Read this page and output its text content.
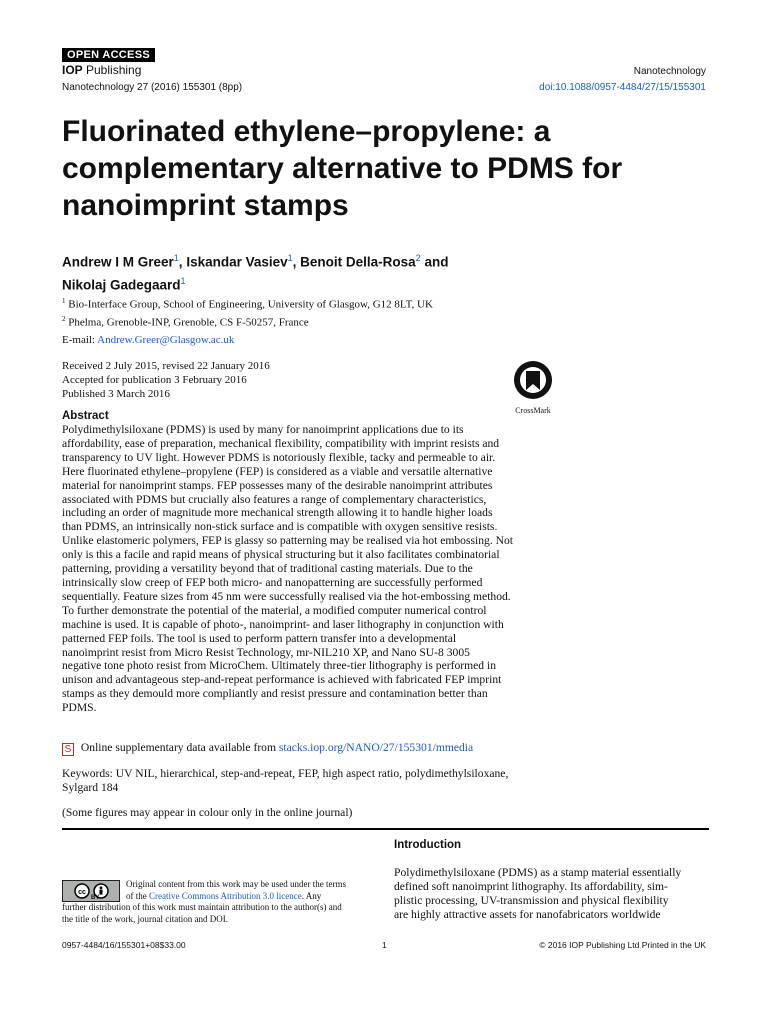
OPEN ACCESS
IOP Publishing	Nanotechnology
Nanotechnology 27 (2016) 155301 (8pp)	doi:10.1088/0957-4484/27/15/155301
Fluorinated ethylene–propylene: a complementary alternative to PDMS for nanoimprint stamps
Andrew I M Greer$^1$, Iskandar Vasiev$^1$, Benoit Della-Rosa$^2$ and
Nikolaj Gadegaard$^1$
$^1$ Bio-Interface Group, School of Engineering, University of Glasgow, G12 8LT, UK
$^2$ Phelma, Grenoble-INP, Grenoble, CS F-50257, France
E-mail: Andrew.Greer@Glasgow.ac.uk
Received 2 July 2015, revised 22 January 2016
Accepted for publication 3 February 2016
Published 3 March 2016
CrossMark
Abstract
Polydimethylsiloxane (PDMS) is used by many for nanoimprint applications due to its
affordability, ease of preparation, mechanical flexibility, compatibility with imprint resists and
transparency to UV light. However PDMS is notoriously flexible, tacky and permeable to air.
Here fluorinated ethylene–propylene (FEP) is considered as a viable and versatile alternative
material for nanoimprint stamps. FEP possesses many of the desirable nanoimprint attributes
associated with PDMS but crucially also features a range of complementary characteristics,
including an order of magnitude more mechanical strength allowing it to handle higher loads
than PDMS, an intrinsically non-stick surface and is compatible with oxygen sensitive resists.
Unlike elastomeric polymers, FEP is glassy so patterning may be realised via hot embossing. Not
only is this a facile and rapid means of physical structuring but it also facilitates combinatorial
patterning, providing a versatility beyond that of traditional casting materials. Due to the
intrinsically slow creep of FEP both micro- and nanopatterning are successfully performed
sequentially. Feature sizes from 45 nm were successfully realised via the hot-embossing method.
To further demonstrate the potential of the material, a modified computer numerical control
machine is used. It is capable of photo-, nanoimprint- and laser lithography in conjunction with
patterned FEP foils. The tool is used to perform pattern transfer into a developmental
nanoimprint resist from Micro Resist Technology, mr-NIL210 XP, and Nano SU-8 3005
negative tone photo resist from MicroChem. Ultimately three-tier lithography is performed in
unison and advantageous step-and-repeat performance is achieved with fabricated FEP imprint
stamps as they demould more compliantly and resist pressure and contamination better than
PDMS.
S Online supplementary data available from stacks.iop.org/NANO/27/155301/mmedia
Keywords: UV NIL, hierarchical, step-and-repeat, FEP, high aspect ratio, polydimethylsiloxane,
Sylgard 184
(Some figures may appear in colour only in the online journal)
Introduction
Polydimethylsiloxane (PDMS) as a stamp material essentially
defined soft nanoimprint lithography. Its affordability, sim-
plistic processing, UV-transmission and physical flexibility
are highly attractive assets for nanofabricators worldwide
Original content from this work may be used under the terms
of the Creative Commons Attribution 3.0 licence. Any
further distribution of this work must maintain attribution to the author(s) and
the title of the work, journal citation and DOI.
cc
BY
0957-4484/16/155301+08$33.00	1	© 2016 IOP Publishing Ltd Printed in the UK
